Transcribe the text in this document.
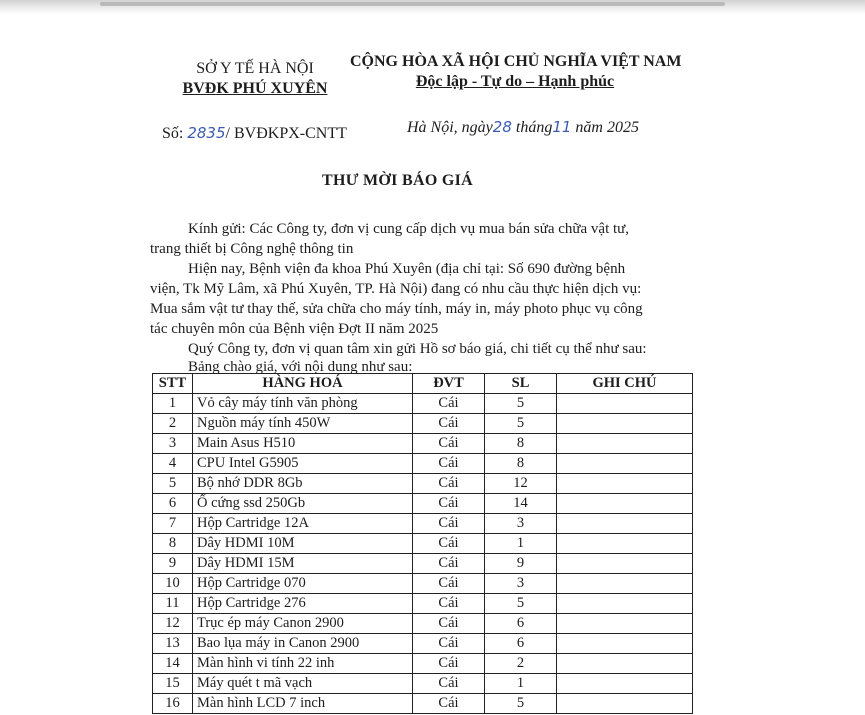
SỞ Y TẾ HÀ NỘI
BVĐK PHÚ XUYÊN
CỘNG HÒA XÃ HỘI CHỦ NGHĨA VIỆT NAM
Độc lập - Tự do – Hạnh phúc
Số: 2835/ BVĐKPX-CNTT	Hà Nội, ngày28 tháng11 năm 2025
THƯ MỜI BÁO GIÁ
Kính gửi: Các Công ty, đơn vị cung cấp dịch vụ mua bán sửa chữa vật tư, trang thiết bị Công nghệ thông tin
Hiện nay, Bệnh viện đa khoa Phú Xuyên (địa chỉ tại: Số 690 đường bệnh viện, Tk Mỹ Lâm, xã Phú Xuyên, TP. Hà Nội) đang có nhu cầu thực hiện dịch vụ: Mua sắm vật tư thay thế, sửa chữa cho máy tính, máy in, máy photo phục vụ công tác chuyên môn của Bệnh viện Đợt II năm 2025
Quý Công ty, đơn vị quan tâm xin gửi Hồ sơ báo giá, chi tiết cụ thể như sau:
Bảng chào giá, với nội dung như sau:
STT	HÀNG HOÁ	ĐVT	SL	GHI CHÚ
1	Vỏ cây máy tính văn phòng	Cái	5	
2	Nguồn máy tính 450W	Cái	5	
3	Main Asus H510	Cái	8	
4	CPU Intel G5905	Cái	8	
5	Bộ nhớ DDR 8Gb	Cái	12	
6	Ổ cứng ssd 250Gb	Cái	14	
7	Hộp Cartridge 12A	Cái	3	
8	Dây HDMI 10M	Cái	1	
9	Dây HDMI 15M	Cái	9	
10	Hộp Cartridge 070	Cái	3	
11	Hộp Cartridge 276	Cái	5	
12	Trục ép máy Canon 2900	Cái	6	
13	Bao lụa máy in Canon 2900	Cái	6	
14	Màn hình vi tính 22 inh	Cái	2	
15	Máy quét t mã vạch	Cái	1	
16	Màn hình LCD 7 inch	Cái	5	
